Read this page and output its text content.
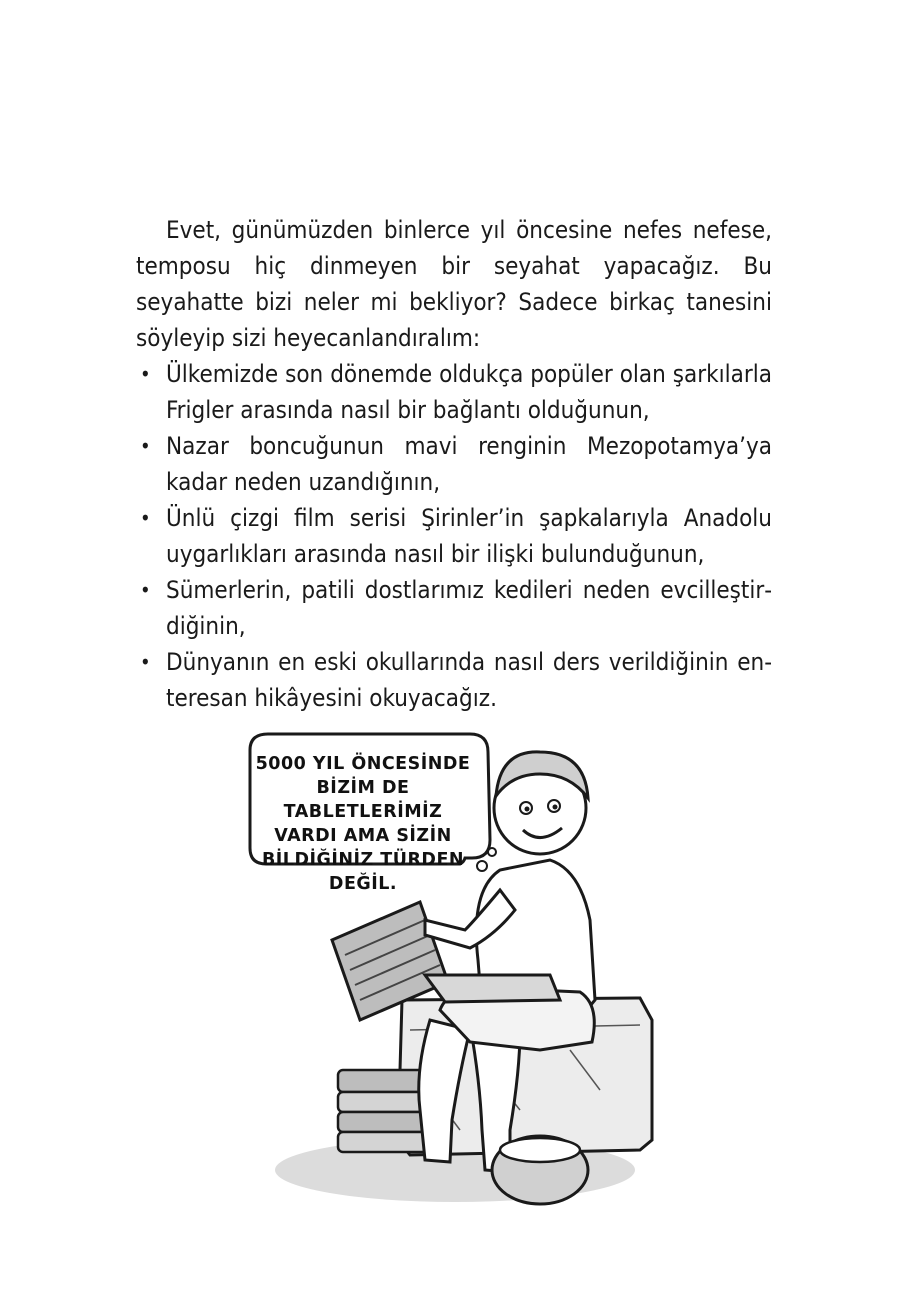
Evet, günümüzden binlerce yıl öncesine nefes nefese, temposu hiç dinmeyen bir seyahat yapacağız. Bu seyahatte bizi neler mi bekliyor? Sadece birkaç tanesini söyleyip sizi heyecanlandıralım:

• Ülkemizde son dönemde oldukça popüler olan şarkılarla Frigler arasında nasıl bir bağlantı olduğunun,
• Nazar boncuğunun mavi renginin Mezopotamya’ya kadar neden uzandığının,
• Ünlü çizgi film serisi Şirinler’in şapkalarıyla Anadolu uygarlıkları arasında nasıl bir ilişki bulunduğunun,
• Sümerlerin, patili dostlarımız kedileri neden evcilleştirdiğinin,
• Dünyanın en eski okullarında nasıl ders verildiğinin enteresan hikâyesini okuyacağız.
5000 YIL ÖNCESİNDE
BİZİM DE TABLETLERİMİZ
VARDI AMA SİZİN
BİLDİĞİNİZ TÜRDEN DEĞİL.
